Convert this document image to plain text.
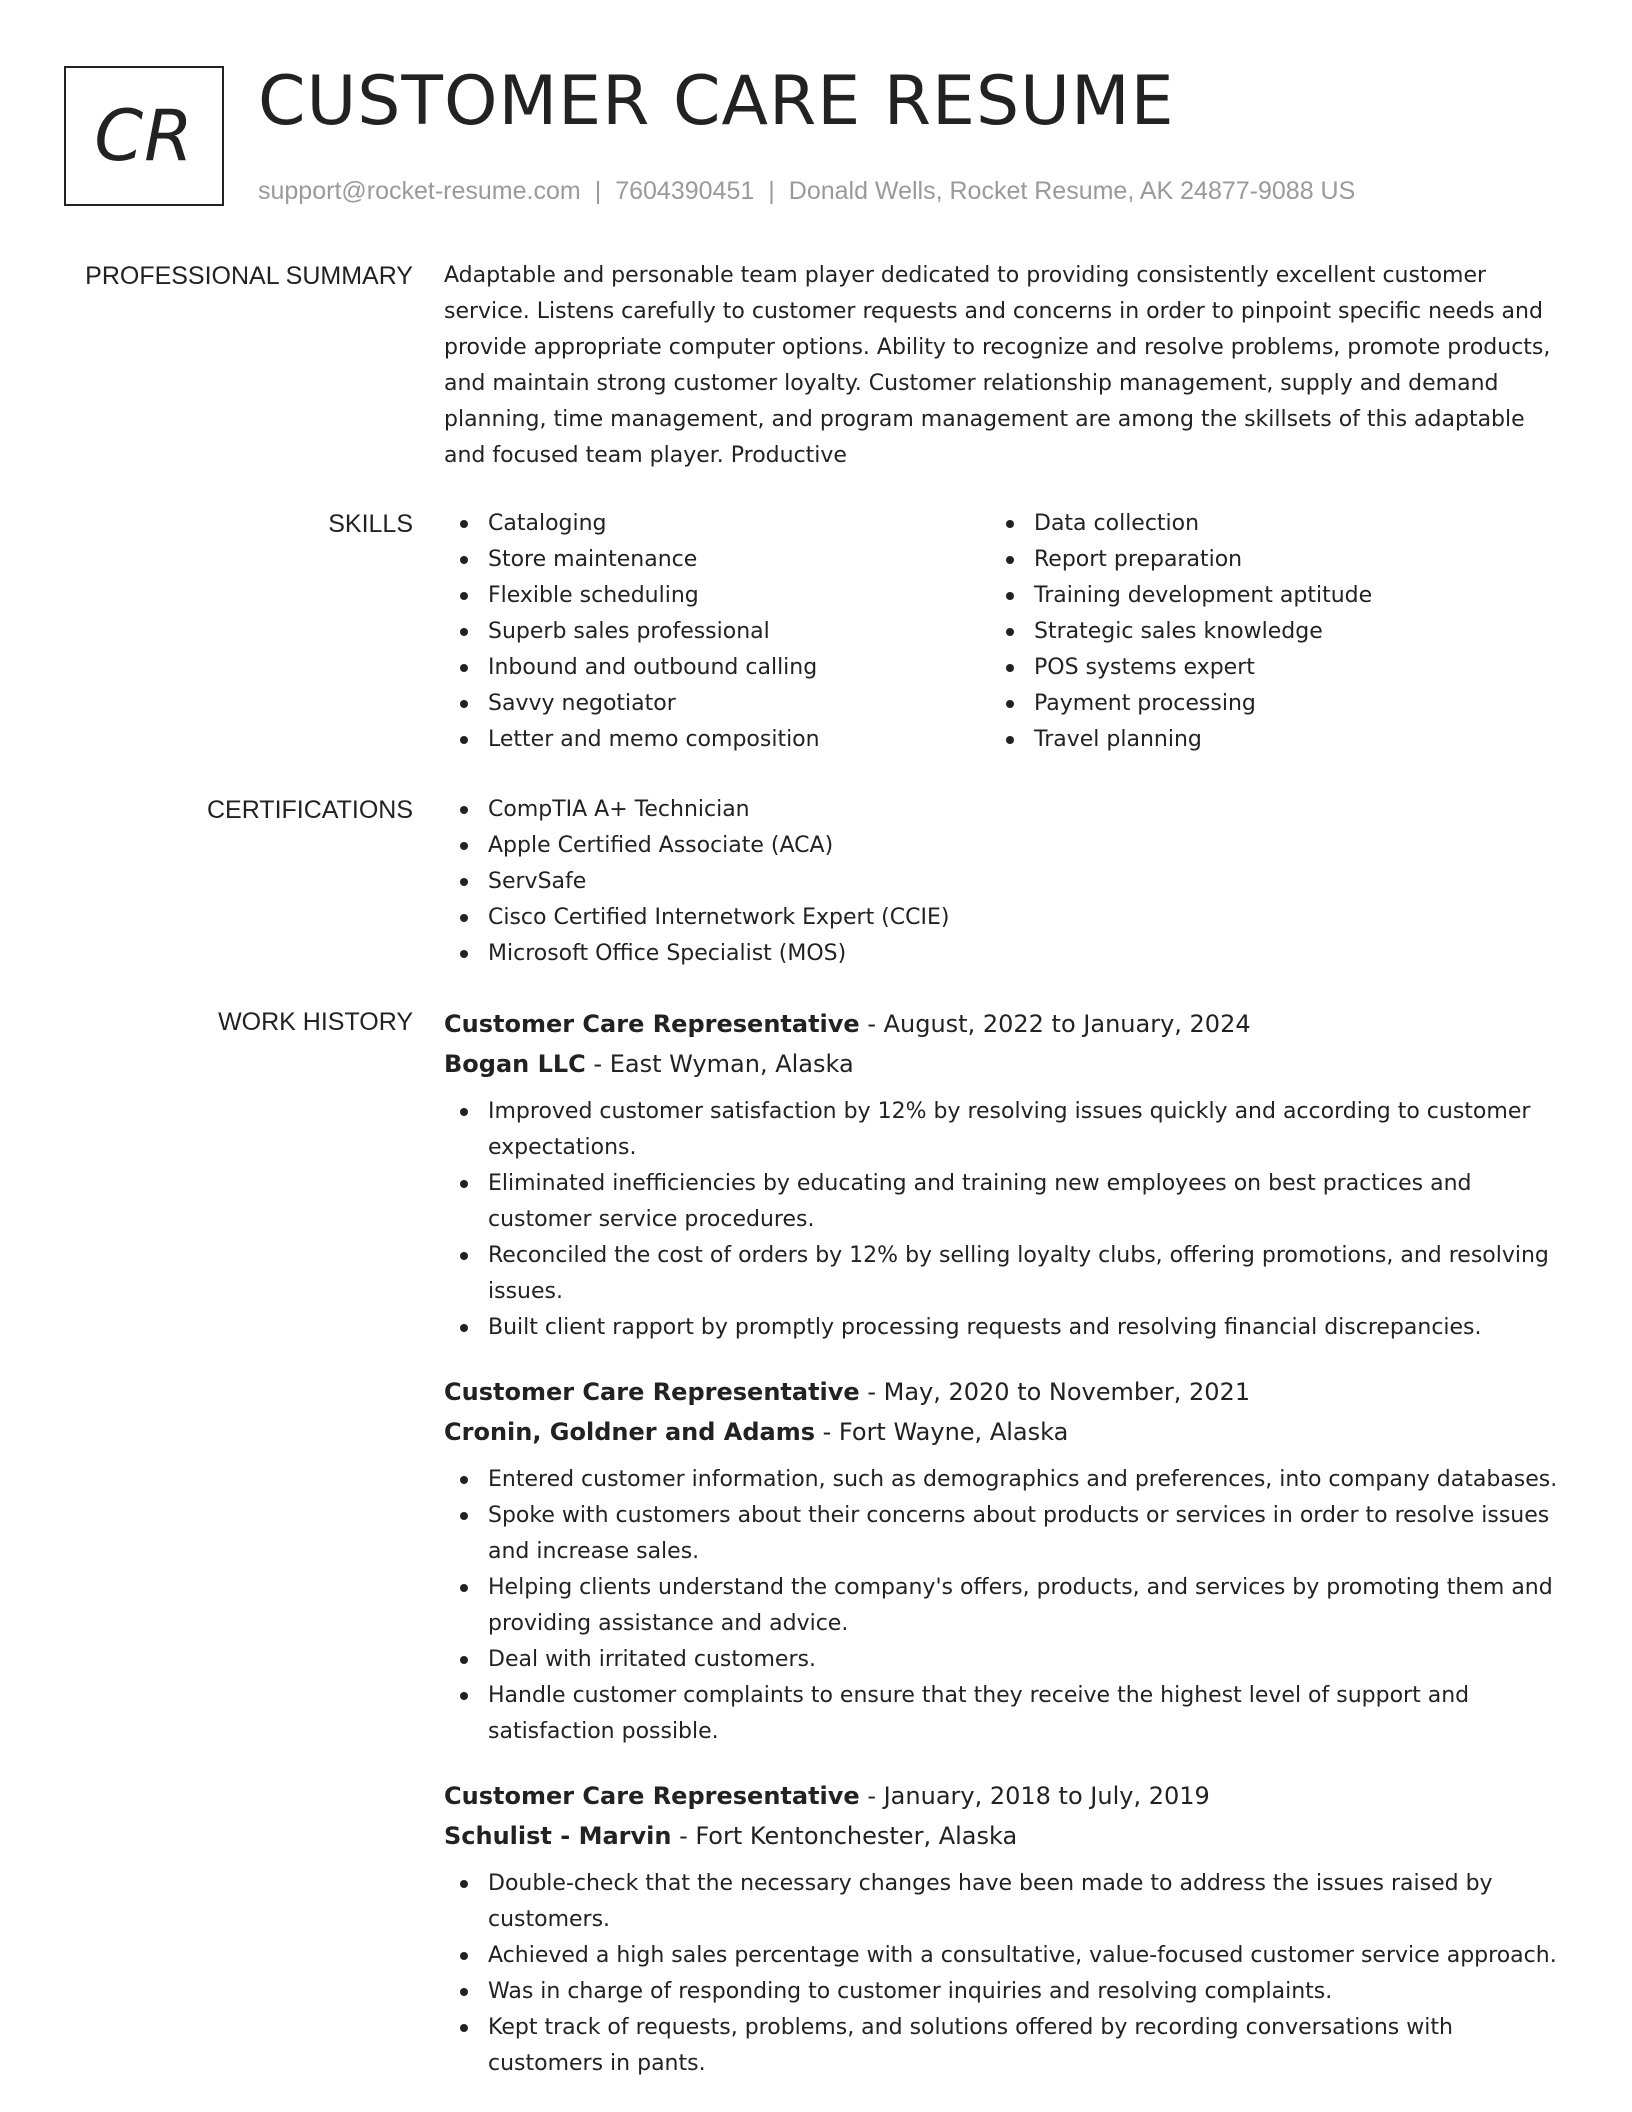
CR CUSTOMER CARE RESUME
support@rocket-resume.com | 7604390451 | Donald Wells, Rocket Resume, AK 24877-9088 US
PROFESSIONAL SUMMARY Adaptable and personable team player dedicated to providing consistently excellent customer service. Listens carefully to customer requests and concerns in order to pinpoint specific needs and provide appropriate computer options. Ability to recognize and resolve problems, promote products, and maintain strong customer loyalty. Customer relationship management, supply and demand planning, time management, and program management are among the skillsets of this adaptable and focused team player. Productive

SKILLS	Cataloging
Store maintenance
Flexible scheduling
Superb sales professional
Inbound and outbound calling
Savvy negotiator
Letter and memo composition
Data collection
Report preparation
Training development aptitude
Strategic sales knowledge
POS systems expert
Payment processing
Travel planning
CERTIFICATIONS	CompTIA A+ Technician
Apple Certified Associate (ACA)
ServSafe
Cisco Certified Internetwork Expert (CCIE)
Microsoft Office Specialist (MOS)
WORK HISTORY Customer Care Representative - August, 2022 to January, 2024
Bogan LLC - East Wyman, Alaska
Improved customer satisfaction by 12% by resolving issues quickly and according to customer expectations.
Eliminated inefficiencies by educating and training new employees on best practices and customer service procedures.
Reconciled the cost of orders by 12% by selling loyalty clubs, offering promotions, and resolving issues.
Built client rapport by promptly processing requests and resolving financial discrepancies.
Customer Care Representative - May, 2020 to November, 2021
Cronin, Goldner and Adams - Fort Wayne, Alaska
Entered customer information, such as demographics and preferences, into company databases.
Spoke with customers about their concerns about products or services in order to resolve issues and increase sales.
Helping clients understand the company's offers, products, and services by promoting them and providing assistance and advice.
Deal with irritated customers.
Handle customer complaints to ensure that they receive the highest level of support and satisfaction possible.
Customer Care Representative - January, 2018 to July, 2019
Schulist - Marvin - Fort Kentonchester, Alaska
Double-check that the necessary changes have been made to address the issues raised by customers.
Achieved a high sales percentage with a consultative, value-focused customer service approach.
Was in charge of responding to customer inquiries and resolving complaints.
Kept track of requests, problems, and solutions offered by recording conversations with customers in pants.
